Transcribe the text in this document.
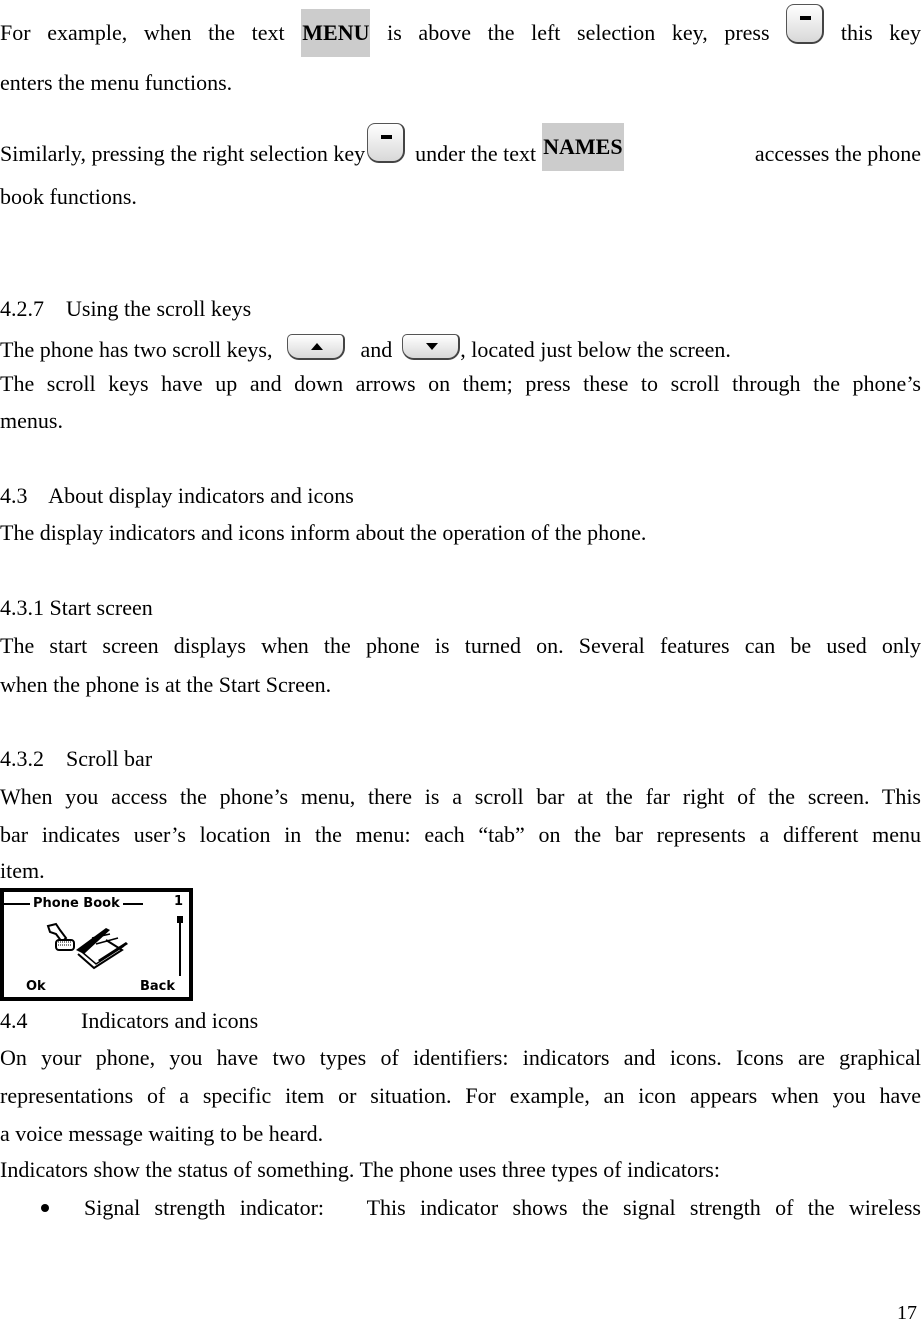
For example, when the text MENU is above the left selection key, press	this key
enters the menu functions.
Similarly, pressing the right selection key under the text NAMES	accesses the phone
book functions.
4.2.7    Using the scroll keys
The phone has two scroll keys,	and	, located just below the screen.
The scroll keys have up and down arrows on them; press these to scroll through the phone’s
menus.
4.3    About display indicators and icons
The display indicators and icons inform about the operation of the phone.
4.3.1 Start screen
The start screen displays when the phone is turned on. Several features can be used only
when the phone is at the Start Screen.
4.3.2    Scroll bar
When you access the phone’s menu, there is a scroll bar at the far right of the screen. This
bar indicates user’s location in the menu: each “tab” on the bar represents a different menu
item.
Phone Book	1
Ok	Back
4.4 Indicators and icons
On your phone, you have two types of identifiers: indicators and icons. Icons are graphical
representations of a specific item or situation. For example, an icon appears when you have
a voice message waiting to be heard.
Indicators show the status of something. The phone uses three types of indicators:
Signal strength indicator:   This indicator shows the signal strength of the wireless
17
